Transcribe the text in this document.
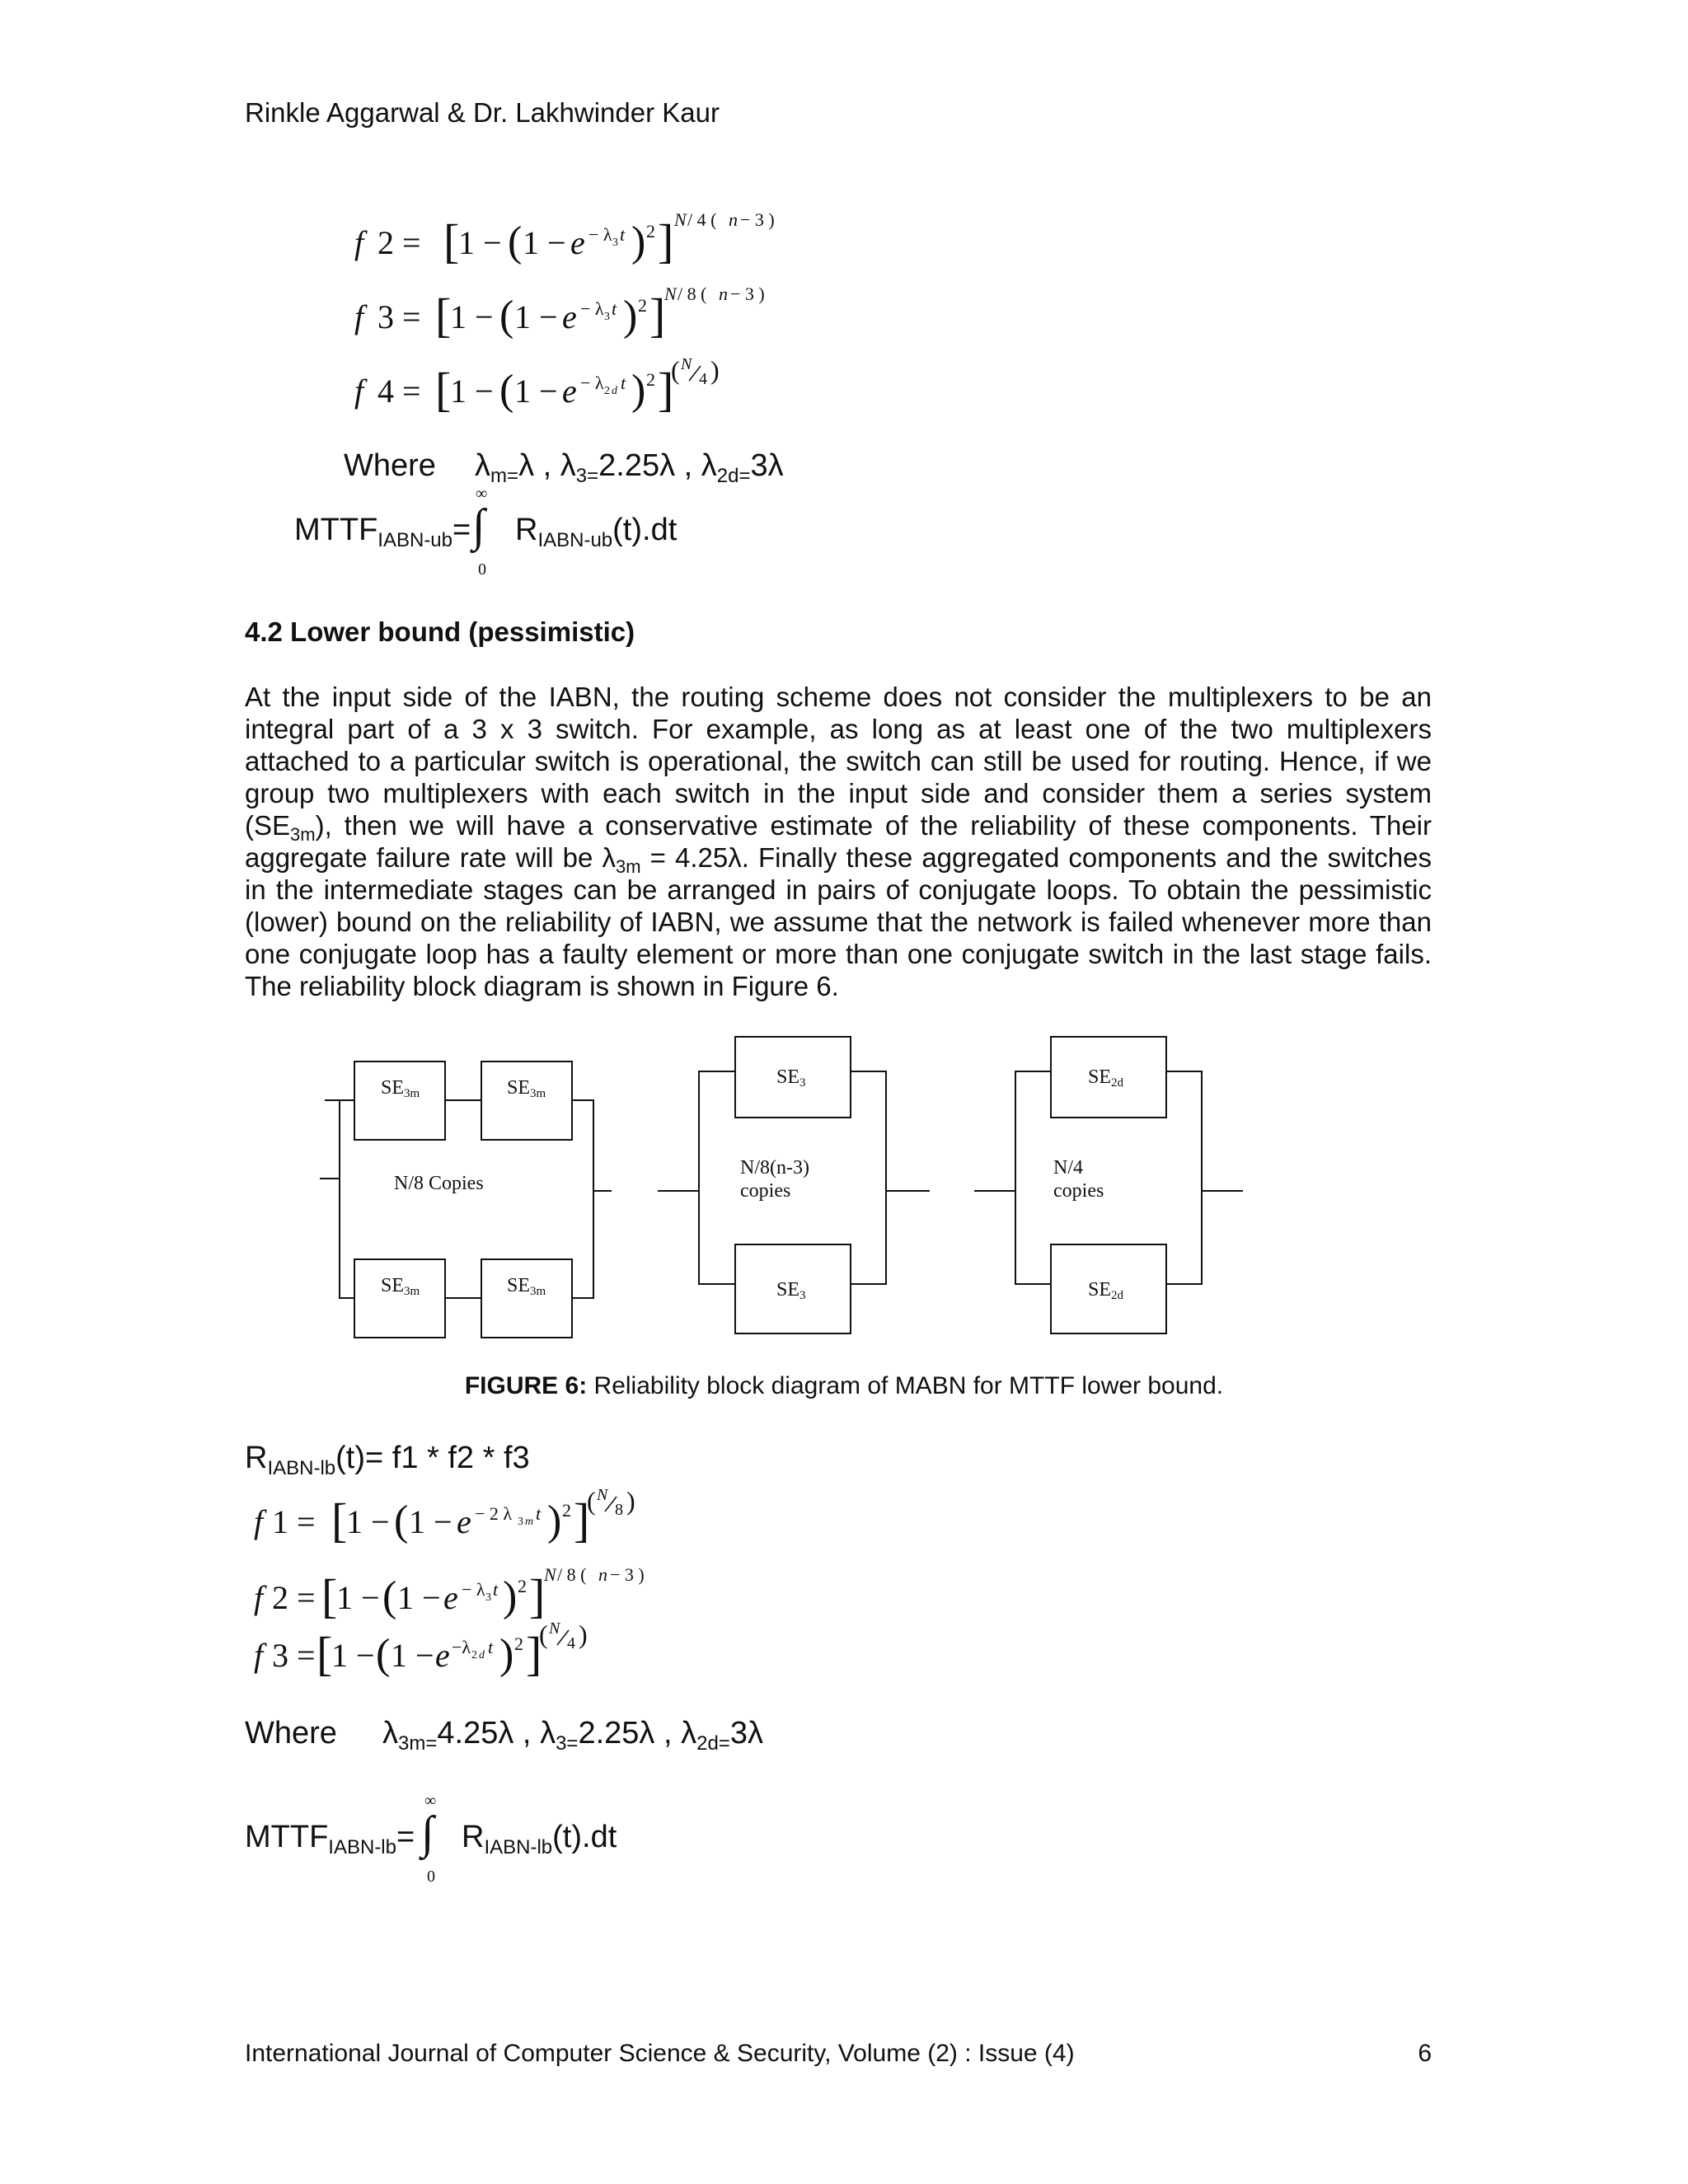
Rinkle Aggarwal & Dr. Lakhwinder Kaur
f 2 = [
1 − ( 1 − e − λ 3 t ) 2 ] N / 4 ( n − 3 )
f 3 = [
1 − ( 1 − e − λ 3 t ) 2 ]
N / 8 ( n − 3 )
f 4 = [
1 − ( 1 − e − λ 2 d t ) 2 ]
( N
4 )
Where $\lambda_{m=}\lambda$ , $\lambda_{3=}2.25\lambda$ , $\lambda_{2d=}3\lambda$
$MTTF_{IABN-ub}=$
∞
∫
0
$R_{IABN-ub}(t).dt$
4.2 Lower bound (pessimistic)
At the input side of the IABN, the routing scheme does not consider the multiplexers to be an
integral part of a 3 x 3 switch. For example, as long as at least one of the two multiplexers
attached to a particular switch is operational, the switch can still be used for routing. Hence, if we
group two multiplexers with each switch in the input side and consider them a series system
$(SE_{3m})$, then we will have a conservative estimate of the reliability of these components. Their
aggregate failure rate will be $\lambda_{3m} = 4.25\lambda$. Finally these aggregated components and the switches
in the intermediate stages can be arranged in pairs of conjugate loops. To obtain the pessimistic
(lower) bound on the reliability of IABN, we assume that the network is failed whenever more than
one conjugate loop has a faulty element or more than one conjugate switch in the last stage fails.
The reliability block diagram is shown in Figure 6.
SE3m	SE3m
SE3m	SE3m
N/8 Copies
SE3
SE3
N/8(n-3)
copies
SE2d
SE2d
N/4
copies
FIGURE 6: Reliability block diagram of MABN for MTTF lower bound.
$R_{IABN-lb}(t)= f1 * f2 * f3$
f 1 = [
1 − ( 1 − e − 2 λ 3 m t ) 2 ]
( N
8 )
f 2 = [
1 − ( 1 − e − λ 3 t ) 2 ]
N / 8 ( n − 3 )
f 3 = [
1 − ( 1 − e −λ 2 d t ) 2 ]
( N
4 )
Where $\lambda_{3m=}4.25\lambda$ , $\lambda_{3=}2.25\lambda$ , $\lambda_{2d=}3\lambda$
$MTTF_{IABN-lb}=$
∞
∫
0
$R_{IABN-lb}(t).dt$
International Journal of Computer Science & Security, Volume (2) : Issue (4)	6
